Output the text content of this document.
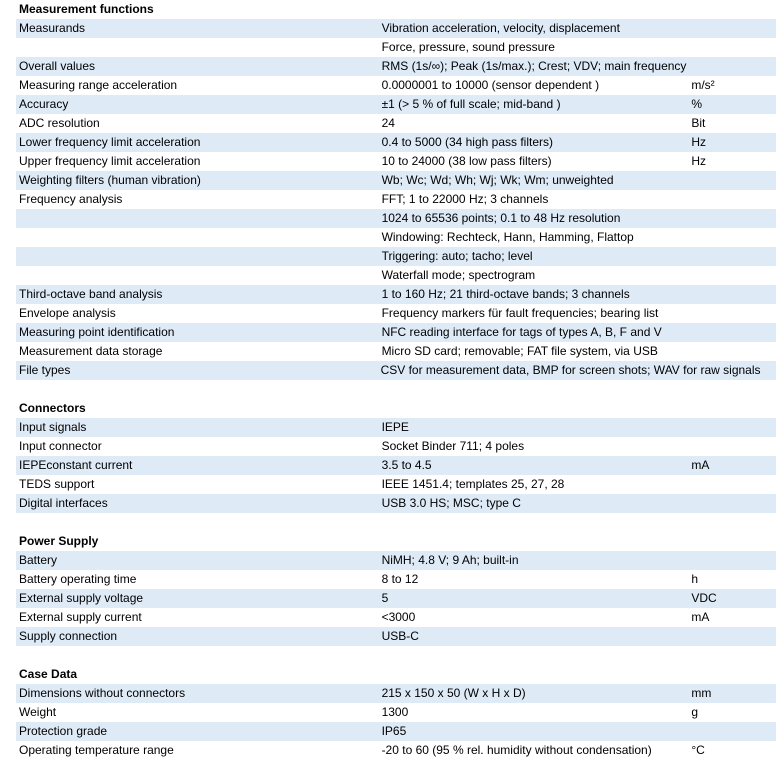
Measurement functions
Measurands	Vibration acceleration, velocity, displacement
Force, pressure, sound pressure
Overall values	RMS (1s/∞); Peak (1s/max.); Crest; VDV; main frequency
Measuring range acceleration	0.0000001 to 10000 (sensor dependent )	m/s²
Accuracy	±1 (> 5 % of full scale; mid-band )	%
ADC resolution	24	Bit
Lower frequency limit acceleration	0.4 to 5000 (34 high pass filters)	Hz
Upper frequency limit acceleration	10 to 24000 (38 low pass filters)	Hz
Weighting filters (human vibration)	Wb; Wc; Wd; Wh; Wj; Wk; Wm; unweighted
Frequency analysis	FFT; 1 to 22000 Hz; 3 channels
1024 to 65536 points; 0.1 to 48 Hz resolution
Windowing: Rechteck, Hann, Hamming, Flattop
Triggering: auto; tacho; level
Waterfall mode; spectrogram
Third-octave band analysis	1 to 160 Hz; 21 third-octave bands; 3 channels
Envelope analysis	Frequency markers für fault frequencies; bearing list
Measuring point identification	NFC reading interface for tags of types A, B, F and V
Measurement data storage	Micro SD card; removable; FAT file system, via USB
File types	CSV for measurement data, BMP for screen shots; WAV for raw signals
Connectors
Input signals	IEPE
Input connector	Socket Binder 711; 4 poles
IEPEconstant current	3.5 to 4.5	mA
TEDS support	IEEE 1451.4; templates 25, 27, 28
Digital interfaces	USB 3.0 HS; MSC; type C
Power Supply
Battery	NiMH; 4.8 V; 9 Ah; built-in
Battery operating time	8 to 12	h
External supply voltage	5	VDC
External supply current	<3000	mA
Supply connection	USB-C
Case Data
Dimensions without connectors	215 x 150 x 50 (W x H x D)	mm
Weight	1300	g
Protection grade	IP65
Operating temperature range	-20 to 60 (95 % rel. humidity without condensation)	°C
